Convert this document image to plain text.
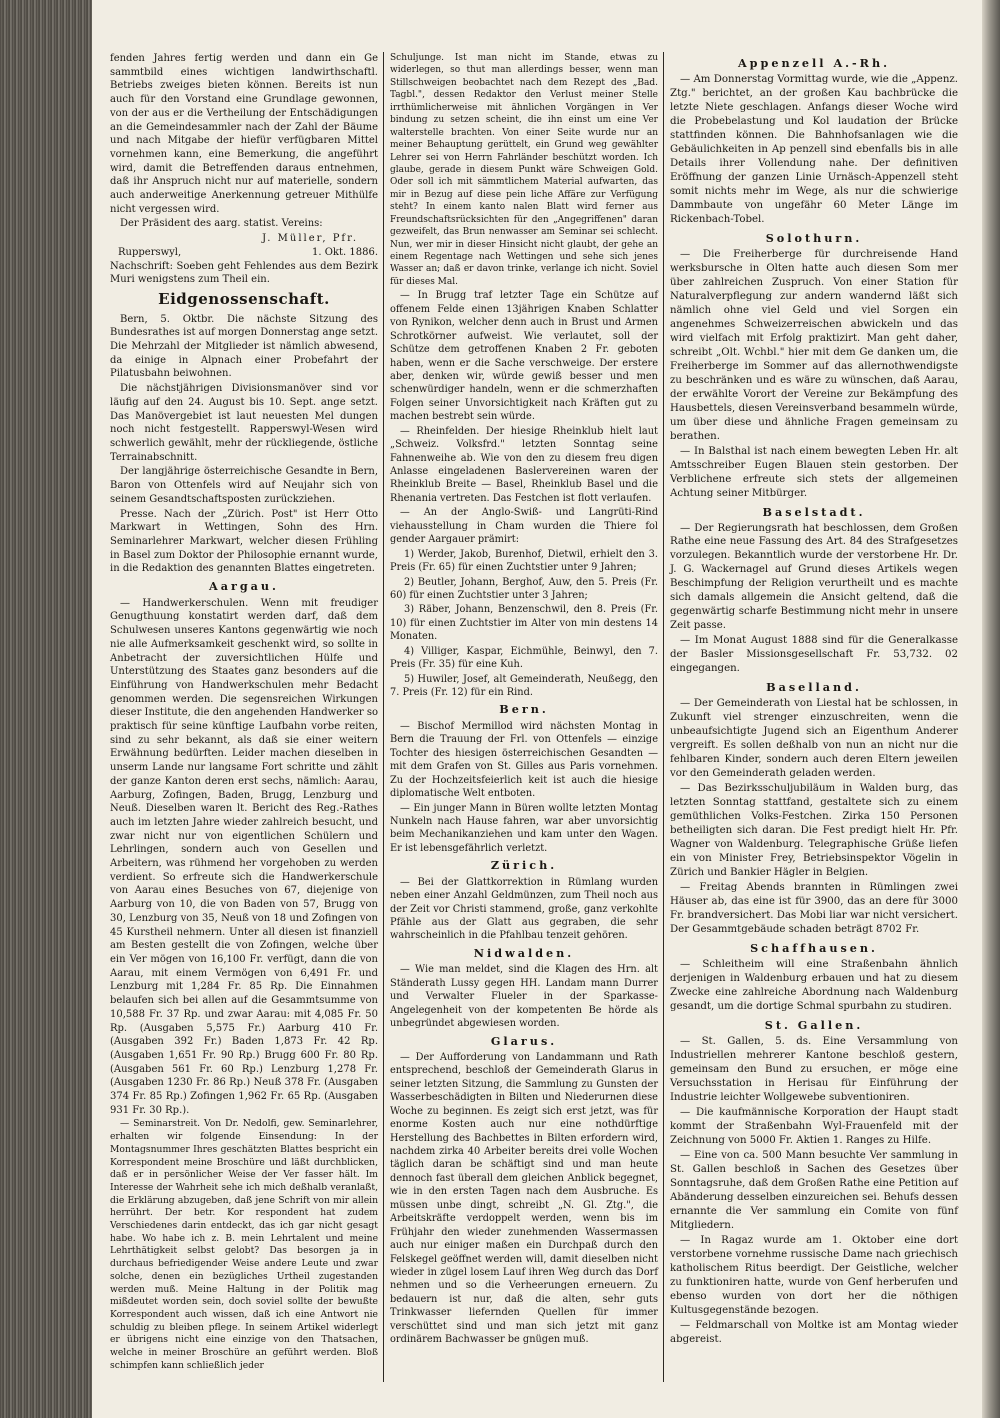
fenden Jahres fertig werden und dann ein Ge sammtbild eines wichtigen landwirthschaftl. Betriebs zweiges bieten können. Bereits ist nun auch für den Vorstand eine Grundlage gewonnen, von der aus er die Vertheilung der Entschädigungen an die Gemeindesammler nach der Zahl der Bäume und nach Mitgabe der hiefür verfügbaren Mittel vornehmen kann, eine Bemerkung, die angeführt wird, damit die Betreffenden daraus entnehmen, daß ihr Anspruch nicht nur auf materielle, sondern auch anderweitige Anerkennung getreuer Mithülfe nicht vergessen wird.

Der Präsident des aarg. statist. Vereins:

J. Müller, Pfr.
Rupperswyl,	1. Okt. 1886.

Nachschrift: Soeben geht Fehlendes aus dem Bezirk Muri wenigstens zum Theil ein.

Eidgenossenschaft.

Bern, 5. Oktbr. Die nächste Sitzung des Bundesrathes ist auf morgen Donnerstag ange setzt. Die Mehrzahl der Mitglieder ist nämlich abwesend, da einige in Alpnach einer Probefahrt der Pilatusbahn beiwohnen.

Die nächstjährigen Divisionsmanöver sind vor läufig auf den 24. August bis 10. Sept. ange setzt. Das Manövergebiet ist laut neuesten Mel dungen noch nicht festgestellt. Rapperswyl-Wesen wird schwerlich gewählt, mehr der rückliegende, östliche Terrainabschnitt.

Der langjährige österreichische Gesandte in Bern, Baron von Ottenfels wird auf Neujahr sich von seinem Gesandtschaftsposten zurückziehen.

Presse. Nach der „Zürich. Post" ist Herr Otto Markwart in Wettingen, Sohn des Hrn. Seminarlehrer Markwart, welcher diesen Frühling in Basel zum Doktor der Philosophie ernannt wurde, in die Redaktion des genannten Blattes eingetreten.

Aargau.

— Handwerkerschulen. Wenn mit freudiger Genugthuung konstatirt werden darf, daß dem Schulwesen unseres Kantons gegenwärtig wie noch nie alle Aufmerksamkeit geschenkt wird, so sollte in Anbetracht der zuversichtlichen Hülfe und Unterstützung des Staates ganz besonders auf die Einführung von Handwerkschulen mehr Bedacht genommen werden. Die segensreichen Wirkungen dieser Institute, die den angehenden Handwerker so praktisch für seine künftige Laufbahn vorbe reiten, sind zu sehr bekannt, als daß sie einer weitern Erwähnung bedürften. Leider machen dieselben in unserm Lande nur langsame Fort schritte und zählt der ganze Kanton deren erst sechs, nämlich: Aarau, Aarburg, Zofingen, Baden, Brugg, Lenzburg und Neuß. Dieselben waren lt. Bericht des Reg.-Rathes auch im letzten Jahre wieder zahlreich besucht, und zwar nicht nur von eigentlichen Schülern und Lehrlingen, sondern auch von Gesellen und Arbeitern, was rühmend her vorgehoben zu werden verdient. So erfreute sich die Handwerkerschule von Aarau eines Besuches von 67, diejenige von Aarburg von 10, die von Baden von 57, Brugg von 30, Lenzburg von 35, Neuß von 18 und Zofingen von 45 Kurstheil nehmern. Unter all diesen ist finanziell am Besten gestellt die von Zofingen, welche über ein Ver mögen von 16,100 Fr. verfügt, dann die von Aarau, mit einem Vermögen von 6,491 Fr. und Lenzburg mit 1,284 Fr. 85 Rp. Die Einnahmen belaufen sich bei allen auf die Gesammtsumme von 10,588 Fr. 37 Rp. und zwar Aarau: mit 4,085 Fr. 50 Rp. (Ausgaben 5,575 Fr.) Aarburg 410 Fr. (Ausgaben 392 Fr.) Baden 1,873 Fr. 42 Rp. (Ausgaben 1,651 Fr. 90 Rp.) Brugg 600 Fr. 80 Rp. (Ausgaben 561 Fr. 60 Rp.) Lenzburg 1,278 Fr. (Ausgaben 1230 Fr. 86 Rp.) Neuß 378 Fr. (Ausgaben 374 Fr. 85 Rp.) Zofingen 1,962 Fr. 65 Rp. (Ausgaben 931 Fr. 30 Rp.).

— Seminarstreit. Von Dr. Nedolfi, gew. Seminarlehrer, erhalten wir folgende Einsendung: In der Montagsnummer Ihres geschätzten Blattes bespricht ein Korrespondent meine Broschüre und läßt durchblicken, daß er in persönlicher Weise der Ver fasser hält. Im Interesse der Wahrheit sehe ich mich deßhalb veranlaßt, die Erklärung abzugeben, daß jene Schrift von mir allein herrührt. Der betr. Kor respondent hat zudem Verschiedenes darin entdeckt, das ich gar nicht gesagt habe. Wo habe ich z. B. mein Lehrtalent und meine Lehrthätigkeit selbst gelobt? Das besorgen ja in durchaus befriedigender Weise andere Leute und zwar solche, denen ein bezügliches Urtheil zugestanden werden muß. Meine Haltung in der Politik mag mißdeutet worden sein, doch soviel sollte der bewußte Korrespondent auch wissen, daß ich eine Antwort nie schuldig zu bleiben pflege. In seinem Artikel widerlegt er übrigens nicht eine einzige von den Thatsachen, welche in meiner Broschüre an geführt werden. Bloß schimpfen kann schließlich jeder

Schuljunge. Ist man nicht im Stande, etwas zu widerlegen, so thut man allerdings besser, wenn man Stillschweigen beobachtet nach dem Rezept des „Bad. Tagbl.", dessen Redaktor den Verlust meiner Stelle irrthümlicherweise mit ähnlichen Vorgängen in Ver bindung zu setzen scheint, die ihn einst um eine Ver walterstelle brachten. Von einer Seite wurde nur an meiner Behauptung gerüttelt, ein Grund weg gewählter Lehrer sei von Herrn Fahrländer beschützt worden. Ich glaube, gerade in diesem Punkt wäre Schweigen Gold. Oder soll ich mit sämmtlichem Material aufwarten, das mir in Bezug auf diese pein liche Affäre zur Verfügung steht? In einem kanto nalen Blatt wird ferner aus Freundschaftsrücksichten für den „Angegriffenen" daran gezweifelt, das Brun nenwasser am Seminar sei schlecht. Nun, wer mir in dieser Hinsicht nicht glaubt, der gehe an einem Regentage nach Wettingen und sehe sich jenes Wasser an; daß er davon trinke, verlange ich nicht. Soviel für dieses Mal.

— In Brugg traf letzter Tage ein Schütze auf offenem Felde einen 13jährigen Knaben Schlatter von Rynikon, welcher denn auch in Brust und Armen Schrotkörner aufweist. Wie verlautet, soll der Schütze dem getroffenen Knaben 2 Fr. geboten haben, wenn er die Sache verschweige. Der erstere aber, denken wir, würde gewiß besser und men schenwürdiger handeln, wenn er die schmerzhaften Folgen seiner Unvorsichtigkeit nach Kräften gut zu machen bestrebt sein würde.

— Rheinfelden. Der hiesige Rheinklub hielt laut „Schweiz. Volksfrd." letzten Sonntag seine Fahnenweihe ab. Wie von den zu diesem freu digen Anlasse eingeladenen Baslervereinen waren der Rheinklub Breite — Basel, Rheinklub Basel und die Rhenania vertreten. Das Festchen ist flott verlaufen.

— An der Anglo-Swiß- und Langrüti-Rind viehausstellung in Cham wurden die Thiere fol gender Aargauer prämirt:

1) Werder, Jakob, Burenhof, Dietwil, erhielt den 3. Preis (Fr. 65) für einen Zuchtstier unter 9 Jahren;

2) Beutler, Johann, Berghof, Auw, den 5. Preis (Fr. 60) für einen Zuchtstier unter 3 Jahren;

3) Räber, Johann, Benzenschwil, den 8. Preis (Fr. 10) für einen Zuchtstier im Alter von min destens 14 Monaten.

4) Villiger, Kaspar, Eichmühle, Beinwyl, den 7. Preis (Fr. 35) für eine Kuh.

5) Huwiler, Josef, alt Gemeinderath, Neußegg, den 7. Preis (Fr. 12) für ein Rind.

Bern.

— Bischof Mermillod wird nächsten Montag in Bern die Trauung der Frl. von Ottenfels — einzige Tochter des hiesigen österreichischen Gesandten — mit dem Grafen von St. Gilles aus Paris vornehmen. Zu der Hochzeitsfeierlich keit ist auch die hiesige diplomatische Welt entboten.

— Ein junger Mann in Büren wollte letzten Montag Nunkeln nach Hause fahren, war aber unvorsichtig beim Mechanikanziehen und kam unter den Wagen. Er ist lebensgefährlich verletzt.

Zürich.

— Bei der Glattkorrektion in Rümlang wurden neben einer Anzahl Geldmünzen, zum Theil noch aus der Zeit vor Christi stammend, große, ganz verkohlte Pfähle aus der Glatt aus gegraben, die sehr wahrscheinlich in die Pfahlbau tenzeit gehören.

Nidwalden.

— Wie man meldet, sind die Klagen des Hrn. alt Ständerath Lussy gegen HH. Landam mann Durrer und Verwalter Flueler in der Sparkasse-Angelegenheit von der kompetenten Be hörde als unbegründet abgewiesen worden.

Glarus.

— Der Aufforderung von Landammann und Rath entsprechend, beschloß der Gemeinderath Glarus in seiner letzten Sitzung, die Sammlung zu Gunsten der Wasserbeschädigten in Bilten und Niederurnen diese Woche zu beginnen. Es zeigt sich erst jetzt, was für enorme Kosten auch nur eine nothdürftige Herstellung des Bachbettes in Bilten erfordern wird, nachdem zirka 40 Arbeiter bereits drei volle Wochen täglich daran be schäftigt sind und man heute dennoch fast überall dem gleichen Anblick begegnet, wie in den ersten Tagen nach dem Ausbruche. Es müssen unbe dingt, schreibt „N. Gl. Ztg.", die Arbeitskräfte verdoppelt werden, wenn bis im Frühjahr den wieder zunehmenden Wassermassen auch nur einiger maßen ein Durchpaß durch den Felskegel geöffnet werden will, damit dieselben nicht wieder in zügel losem Lauf ihren Weg durch das Dorf nehmen und so die Verheerungen erneuern. Zu bedauern ist nur, daß die alten, sehr guts Trinkwasser liefernden Quellen für immer verschüttet sind und man sich jetzt mit ganz ordinärem Bachwasser be gnügen muß.

Appenzell A.-Rh.

— Am Donnerstag Vormittag wurde, wie die „Appenz. Ztg." berichtet, an der großen Kau bachbrücke die letzte Niete geschlagen. Anfangs dieser Woche wird die Probebelastung und Kol laudation der Brücke stattfinden können. Die Bahnhofsanlagen wie die Gebäulichkeiten in Ap penzell sind ebenfalls bis in alle Details ihrer Vollendung nahe. Der definitiven Eröffnung der ganzen Linie Urnäsch-Appenzell steht somit nichts mehr im Wege, als nur die schwierige Dammbaute von ungefähr 60 Meter Länge im Rickenbach-Tobel.

Solothurn.

— Die Freiherberge für durchreisende Hand werksbursche in Olten hatte auch diesen Som mer über zahlreichen Zuspruch. Von einer Station für Naturalverpflegung zur andern wandernd läßt sich nämlich ohne viel Geld und viel Sorgen ein angenehmes Schweizerreischen abwickeln und das wird vielfach mit Erfolg praktizirt. Man geht daher, schreibt „Olt. Wchbl." hier mit dem Ge danken um, die Freiherberge im Sommer auf das allernothwendigste zu beschränken und es wäre zu wünschen, daß Aarau, der erwählte Vorort der Vereine zur Bekämpfung des Hausbettels, diesen Vereinsverband besammeln würde, um über diese und ähnliche Fragen gemeinsam zu berathen.

— In Balsthal ist nach einem bewegten Leben Hr. alt Amtsschreiber Eugen Blauen stein gestorben. Der Verblichene erfreute sich stets der allgemeinen Achtung seiner Mitbürger.

Baselstadt.

— Der Regierungsrath hat beschlossen, dem Großen Rathe eine neue Fassung des Art. 84 des Strafgesetzes vorzulegen. Bekanntlich wurde der verstorbene Hr. Dr. J. G. Wackernagel auf Grund dieses Artikels wegen Beschimpfung der Religion verurtheilt und es machte sich damals allgemein die Ansicht geltend, daß die gegenwärtig scharfe Bestimmung nicht mehr in unsere Zeit passe.

— Im Monat August 1888 sind für die Generalkasse der Basler Missionsgesellschaft Fr. 53,732. 02 eingegangen.

Baselland.

— Der Gemeinderath von Liestal hat be schlossen, in Zukunft viel strenger einzuschreiten, wenn die unbeaufsichtigte Jugend sich an Eigenthum Anderer vergreift. Es sollen deßhalb von nun an nicht nur die fehlbaren Kinder, sondern auch deren Eltern jeweilen vor den Gemeinderath geladen werden.

— Das Bezirksschuljubiläum in Walden burg, das letzten Sonntag stattfand, gestaltete sich zu einem gemüthlichen Volks-Festchen. Zirka 150 Personen betheiligten sich daran. Die Fest predigt hielt Hr. Pfr. Wagner von Waldenburg. Telegraphische Grüße liefen ein von Minister Frey, Betriebsinspektor Vögelin in Zürich und Bankier Hägler in Belgien.

— Freitag Abends brannten in Rümlingen zwei Häuser ab, das eine ist für 3900, das an dere für 3000 Fr. brandversichert. Das Mobi liar war nicht versichert. Der Gesammtgebäude schaden beträgt 8702 Fr.

Schaffhausen.

— Schleitheim will eine Straßenbahn ähnlich derjenigen in Waldenburg erbauen und hat zu diesem Zwecke eine zahlreiche Abordnung nach Waldenburg gesandt, um die dortige Schmal spurbahn zu studiren.

St. Gallen.

— St. Gallen, 5. ds. Eine Versammlung von Industriellen mehrerer Kantone beschloß gestern, gemeinsam den Bund zu ersuchen, er möge eine Versuchsstation in Herisau für Einführung der Industrie leichter Wollgewebe subventioniren.

— Die kaufmännische Korporation der Haupt stadt kommt der Straßenbahn Wyl-Frauenfeld mit der Zeichnung von 5000 Fr. Aktien 1. Ranges zu Hilfe.

— Eine von ca. 500 Mann besuchte Ver sammlung in St. Gallen beschloß in Sachen des Gesetzes über Sonntagsruhe, daß dem Großen Rathe eine Petition auf Abänderung desselben einzureichen sei. Behufs dessen ernannte die Ver sammlung ein Comite von fünf Mitgliedern.

— In Ragaz wurde am 1. Oktober eine dort verstorbene vornehme russische Dame nach griechisch katholischem Ritus beerdigt. Der Geistliche, welcher zu funktioniren hatte, wurde von Genf herberufen und ebenso wurden von dort her die nöthigen Kultusgegenstände bezogen.

— Feldmarschall von Moltke ist am Montag wieder abgereist.
